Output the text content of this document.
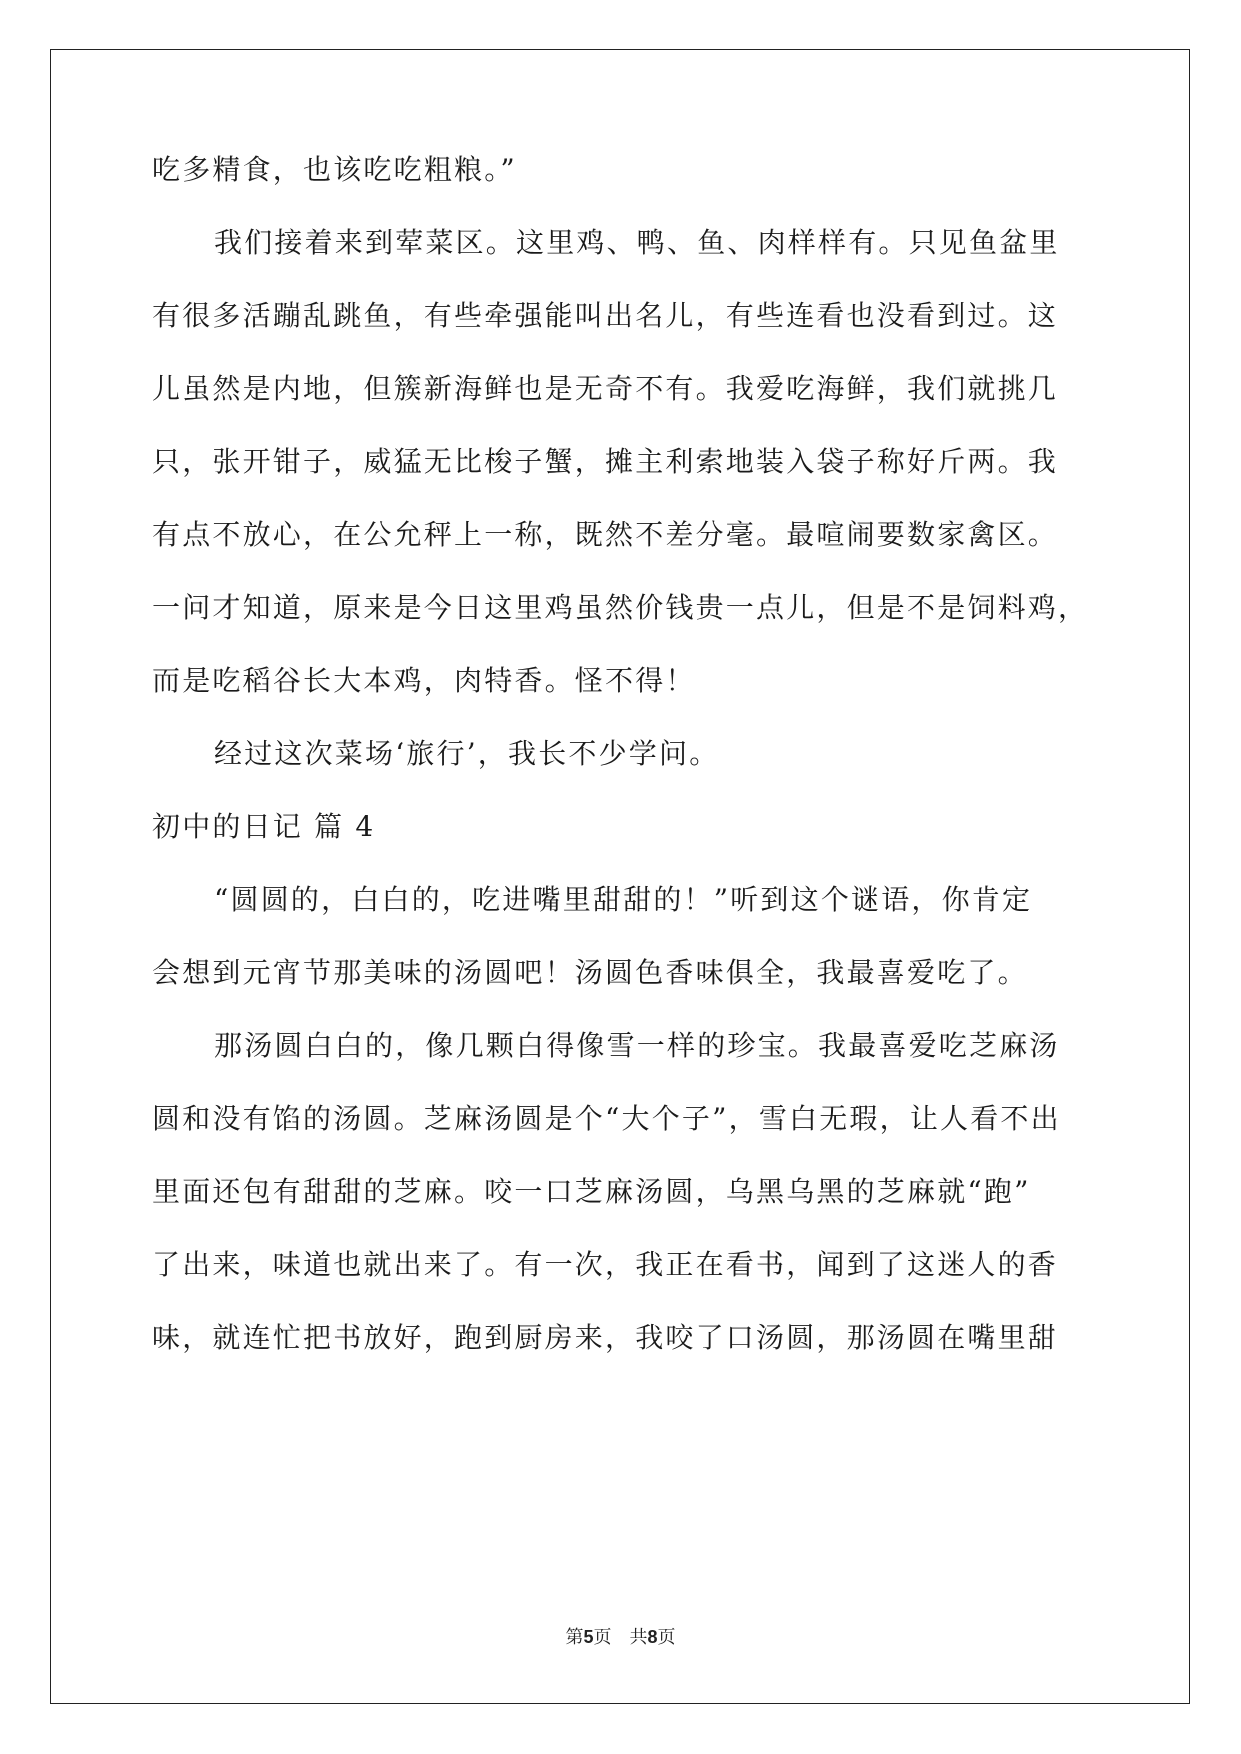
吃多精食，也该吃吃粗粮。”
我们接着来到荤菜区。这里鸡、鸭、鱼、肉样样有。只见鱼盆里
有很多活蹦乱跳鱼，有些牵强能叫出名儿，有些连看也没看到过。这
儿虽然是内地，但簇新海鲜也是无奇不有。我爱吃海鲜，我们就挑几
只，张开钳子，威猛无比梭子蟹，摊主利索地装入袋子称好斤两。我
有点不放心，在公允秤上一称，既然不差分毫。最喧闹要数家禽区。
一问才知道，原来是今日这里鸡虽然价钱贵一点儿，但是不是饲料鸡，
而是吃稻谷长大本鸡，肉特香。怪不得！
经过这次菜场‘旅行’，我长不少学问。
初中的日记 篇 4
“圆圆的，白白的，吃进嘴里甜甜的！”听到这个谜语，你肯定
会想到元宵节那美味的汤圆吧！汤圆色香味俱全，我最喜爱吃了。
那汤圆白白的，像几颗白得像雪一样的珍宝。我最喜爱吃芝麻汤
圆和没有馅的汤圆。芝麻汤圆是个“大个子”，雪白无瑕，让人看不出
里面还包有甜甜的芝麻。咬一口芝麻汤圆，乌黑乌黑的芝麻就“跑”
了出来，味道也就出来了。有一次，我正在看书，闻到了这迷人的香
味，就连忙把书放好，跑到厨房来，我咬了口汤圆，那汤圆在嘴里甜
第5页 共8页
